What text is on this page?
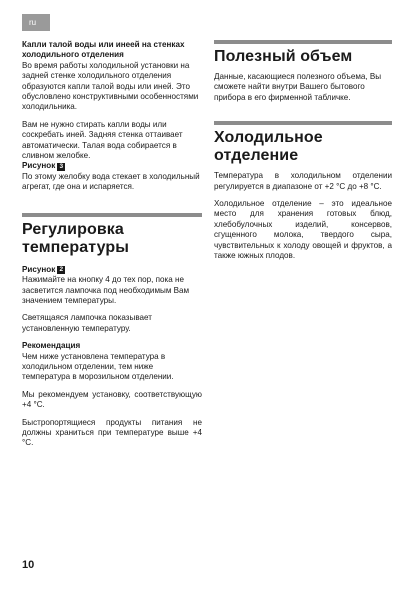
ru

Капли талой воды или инеей на стенках холодильного отделения

Во время работы холодильной установки на задней стенке холодильного отделения образуются капли талой воды или иней. Это обусловлено конструктивными особенностями холодильника.

Вам не нужно стирать капли воды или соскребать иней. Задняя стенка оттаивает автоматически. Талая вода собирается в сливном желобке.

Рисунок 3

По этому желобку вода стекает в холодильный агрегат, где она и испаряется.

Регулировка температуры

Рисунок 2

Нажимайте на кнопку 4 до тех пор, пока не засветится лампочка под необходимым Вам значением температуры.

Светящаяся лампочка показывает установленную температуру.

Рекомендация

Чем ниже установлена температура в холодильном отделении, тем ниже температура в морозильном отделении.

Мы рекомендуем установку, соответствующую +4 °C.

Быстропортящиеся продукты питания не должны храниться при температуре выше +4 °C.

Полезный объем

Данные, касающиеся полезного объема, Вы сможете найти внутри Вашего бытового прибора в его фирменной табличке.

Холодильное отделение

Температура в холодильном отделении регулируется в диапазоне от +2 °C до +8 °C.

Холодильное отделение – это идеальное место для хранения готовых блюд, хлебобулочных изделий, консервов, сгущенного молока, твердого сыра, чувствительных к холоду овощей и фруктов, а также южных плодов.

10
